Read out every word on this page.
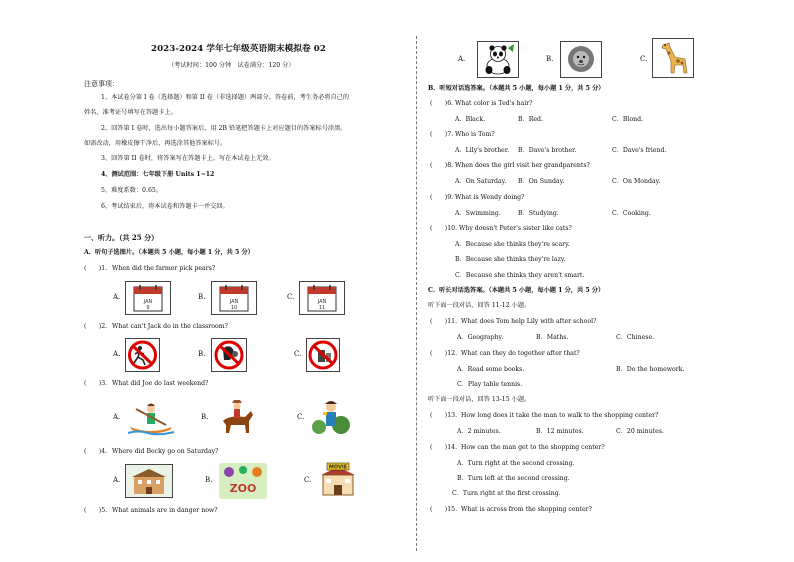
2023-2024 学年七年级英语期末模拟卷 02
（考试时间：100 分钟　试卷满分：120 分）
注意事项：
1、本试卷分第 I 卷（选择题）和第 II 卷（非选择题）两部分。答卷前，考生务必将自己的
姓名、准考证号填写在答题卡上。
2、回答第 I 卷时，选出每小题答案后，用 2B 铅笔把答题卡上对应题目的答案标号涂黑。
如需改动，用橡皮擦干净后，再选涂其他答案标号。
3、回答第 II 卷时，将答案写在答题卡上。写在本试卷上无效。
4、测试范围：七年级下册 Units 1~12
5、难度系数：0.65。
6、考试结束后，将本试卷和答题卡一并交回。
一、听力。（共 25 分）
A．听句子选图片。（本题共 5 小题，每小题 1 分，共 5 分）
(　　)1. When did the farmer pick pears?
A.
JAN
9
B.
JAN
10
C.
JAN
11
(　　)2. What can't Jack do in the classroom?
A.	B.	C.
(　　)3. What did Joe do last weekend?
A.	B.	C.
(　　)4. Where did Becky go on Saturday?
A.	B.
ZOO
C.
MOVIE
(　　)5. What animals are in danger now?
A.	B.	C.
B．听短对话选答案。（本题共 5 小题，每小题 1 分，共 5 分）
(　　)6. What color is Ted's hair?
A．Black.	B．Red.	C．Blond.
(　　)7. Who is Tom?
A．Lily's brother. B．Dave's brother.	C．Dave's friend.
(　　)8. When does the girl visit her grandparents?
A．On Saturday. B．On Sunday.	C．On Monday.
(　　)9. What is Wendy doing?
A．Swimming.	B．Studying.	C．Cooking.
(　　)10. Why doesn't Peter's sister like cats?
A．Because she thinks they're scary.
B．Because she thinks they're lazy.
C．Because she thinks they aren't smart.
C．听长对话选答案。（本题共 5 小题，每小题 1 分，共 5 分）
听下面一段对话，回答 11-12 小题。
(　　)11. What does Tom help Lily with after school?
A．Geography.	B．Maths.	C．Chinese.
(　　)12. What can they do together after that?
A．Read some books.	B．Do the homework.
C．Play table tennis.
听下面一段对话，回答 13-15 小题。
(　　)13. How long does it take the man to walk to the shopping center?
A．2 minutes.	B．12 minutes.	C．20 minutes.
(　　)14. How can the man get to the shopping center?
A．Turn right at the second crossing.
B．Turn left at the second crossing.
C．Turn right at the first crossing.
(　　)15. What is across from the shopping center?
